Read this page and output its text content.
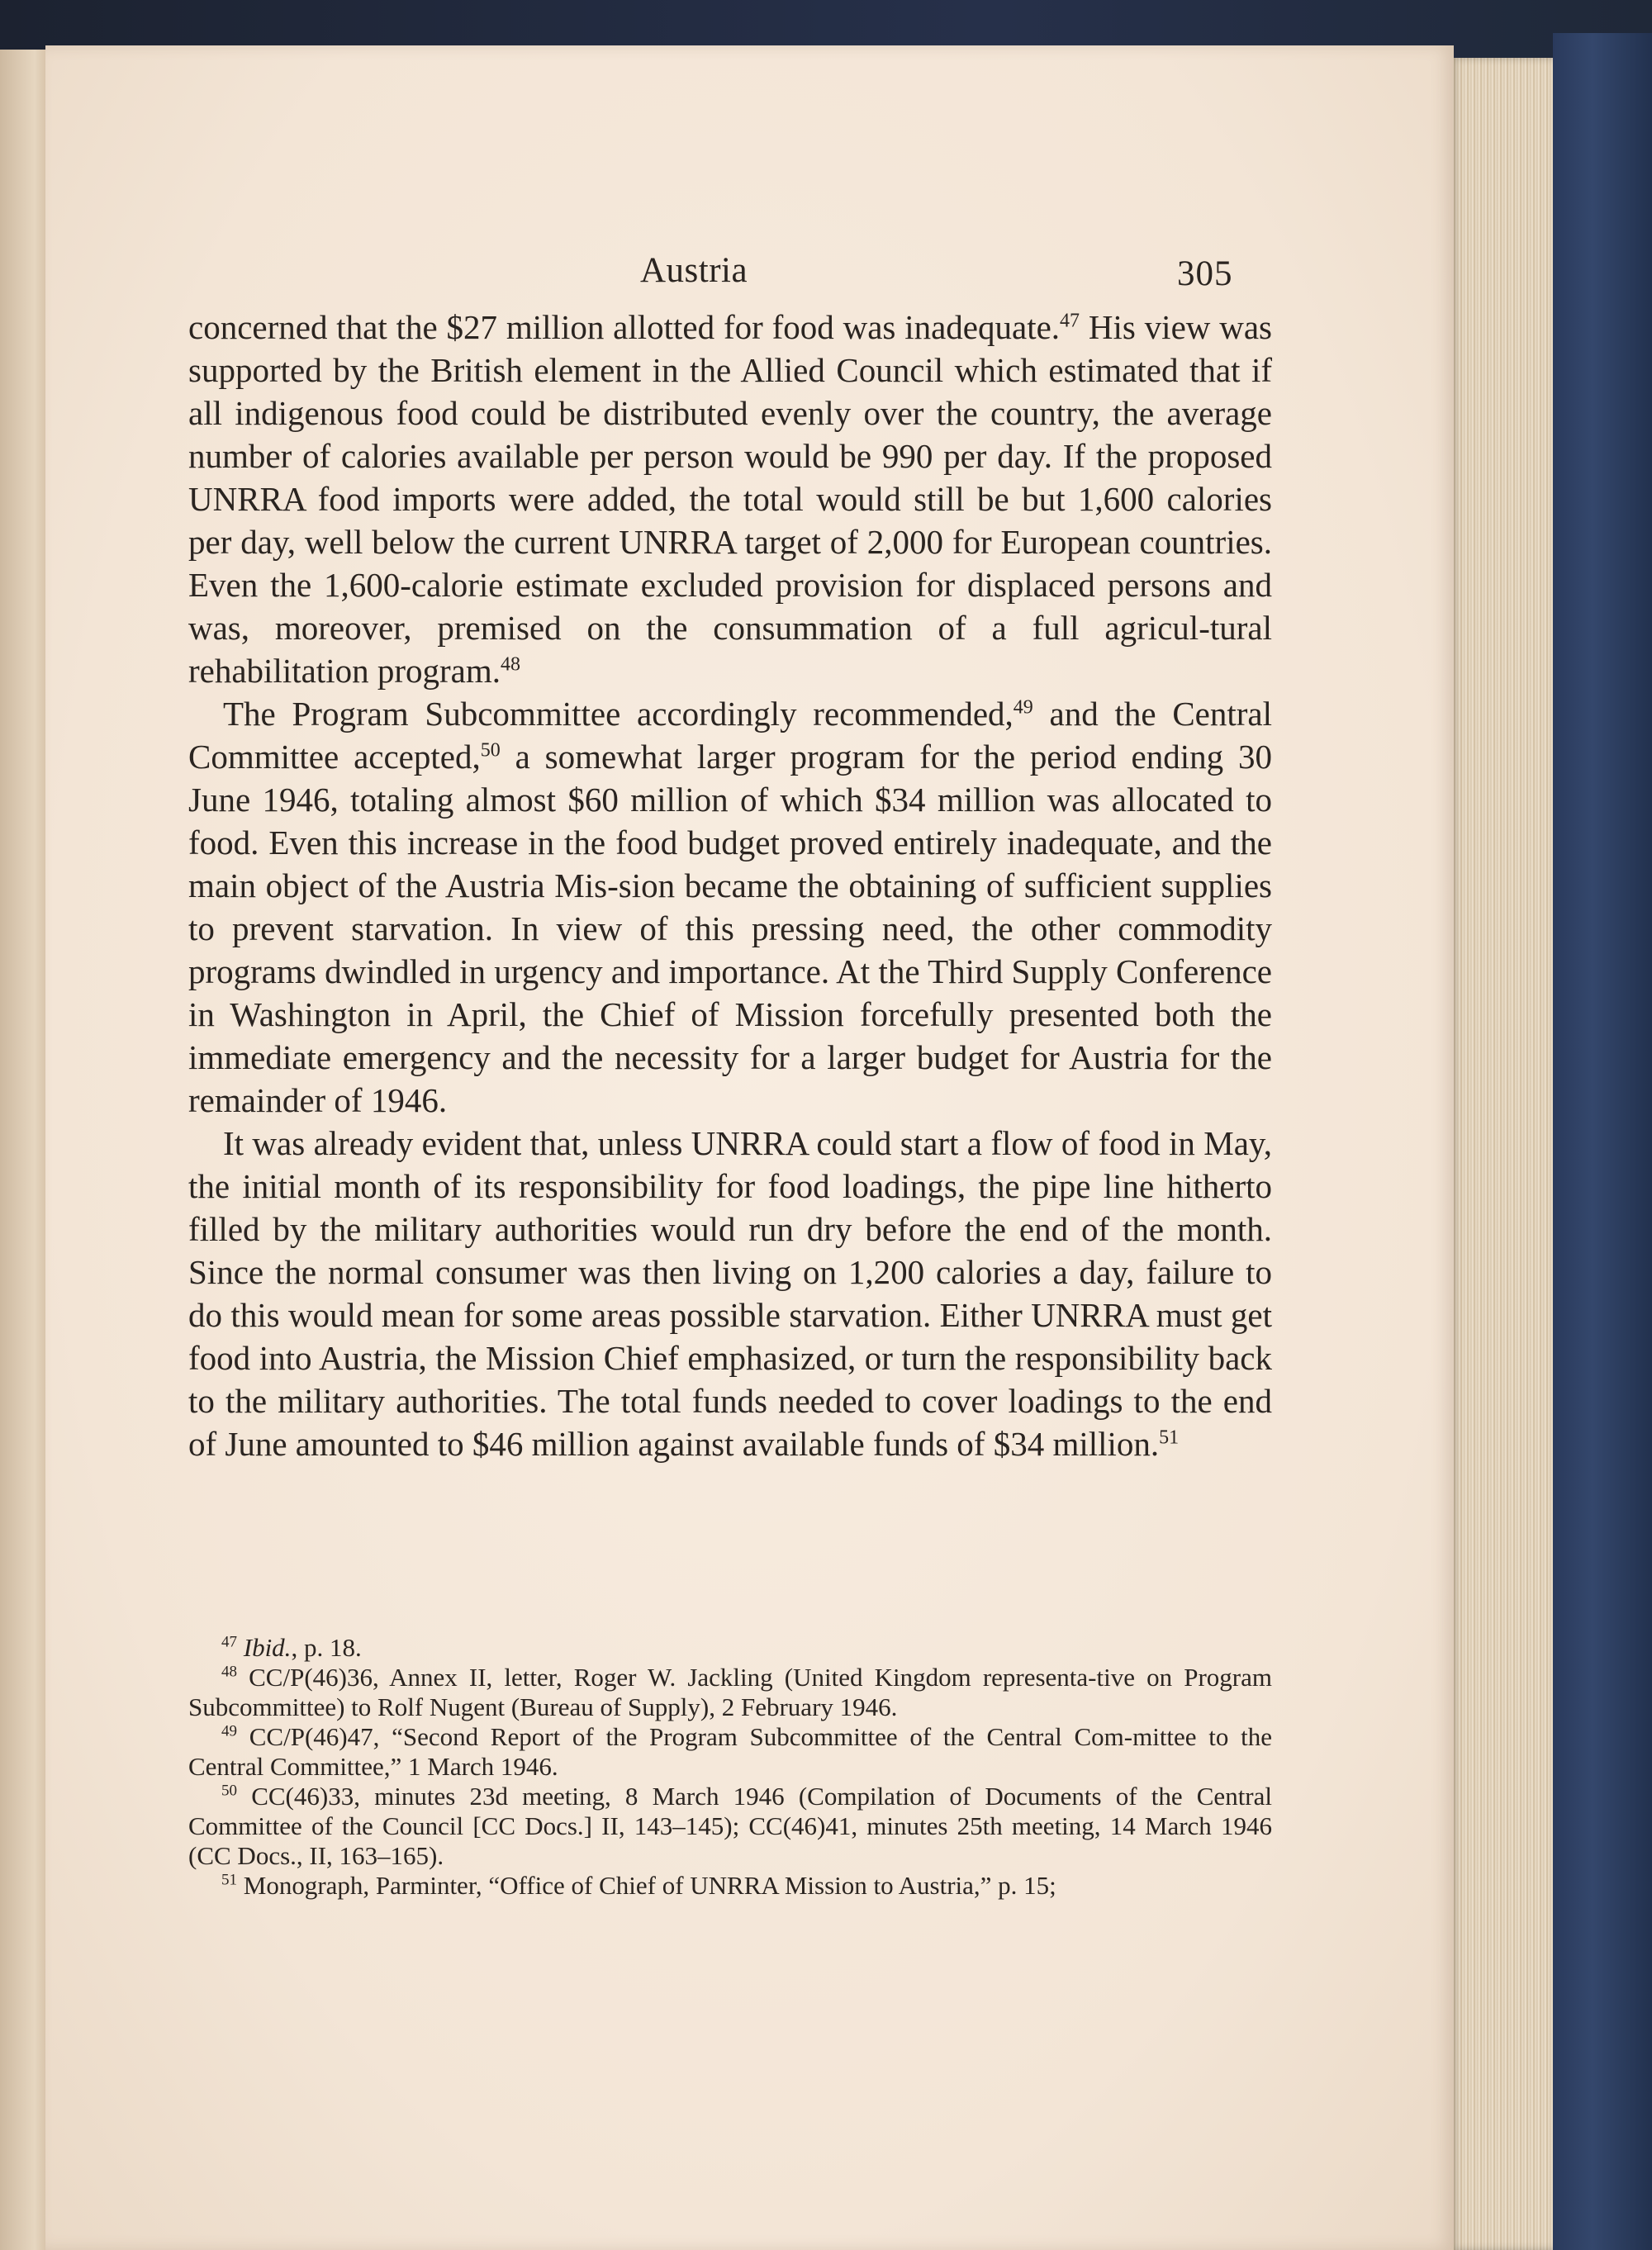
Austria	305

concerned that the $27 million allotted for food was inadequate.$^{47}$ His view was supported by the British element in the Allied Council which estimated that if all indigenous food could be distributed evenly over the country, the average number of calories available per person would be 990 per day. If the proposed UNRRA food imports were added, the total would still be but 1,600 calories per day, well below the current UNRRA target of 2,000 for European countries. Even the 1,600-calorie estimate excluded provision for displaced persons and was, moreover, premised on the consummation of a full agricul-tural rehabilitation program.$^{48}$

The Program Subcommittee accordingly recommended,$^{49}$ and the Central Committee accepted,$^{50}$ a somewhat larger program for the period ending 30 June 1946, totaling almost $60 million of which $34 million was allocated to food. Even this increase in the food budget proved entirely inadequate, and the main object of the Austria Mis-sion became the obtaining of sufficient supplies to prevent starvation. In view of this pressing need, the other commodity programs dwindled in urgency and importance. At the Third Supply Conference in Washington in April, the Chief of Mission forcefully presented both the immediate emergency and the necessity for a larger budget for Austria for the remainder of 1946.

It was already evident that, unless UNRRA could start a flow of food in May, the initial month of its responsibility for food loadings, the pipe line hitherto filled by the military authorities would run dry before the end of the month. Since the normal consumer was then living on 1,200 calories a day, failure to do this would mean for some areas possible starvation. Either UNRRA must get food into Austria, the Mission Chief emphasized, or turn the responsibility back to the military authorities. The total funds needed to cover loadings to the end of June amounted to $46 million against available funds of $34 million.$^{51}$

$^{47}$ Ibid., p. 18.

$^{48}$ CC/P(46)36, Annex II, letter, Roger W. Jackling (United Kingdom representa-tive on Program Subcommittee) to Rolf Nugent (Bureau of Supply), 2 February 1946.

$^{49}$ CC/P(46)47, “Second Report of the Program Subcommittee of the Central Com-mittee to the Central Committee,” 1 March 1946.

$^{50}$ CC(46)33, minutes 23d meeting, 8 March 1946 (Compilation of Documents of the Central Committee of the Council [CC Docs.] II, 143–145); CC(46)41, minutes 25th meeting, 14 March 1946 (CC Docs., II, 163–165).

$^{51}$ Monograph, Parminter, “Office of Chief of UNRRA Mission to Austria,” p. 15;
